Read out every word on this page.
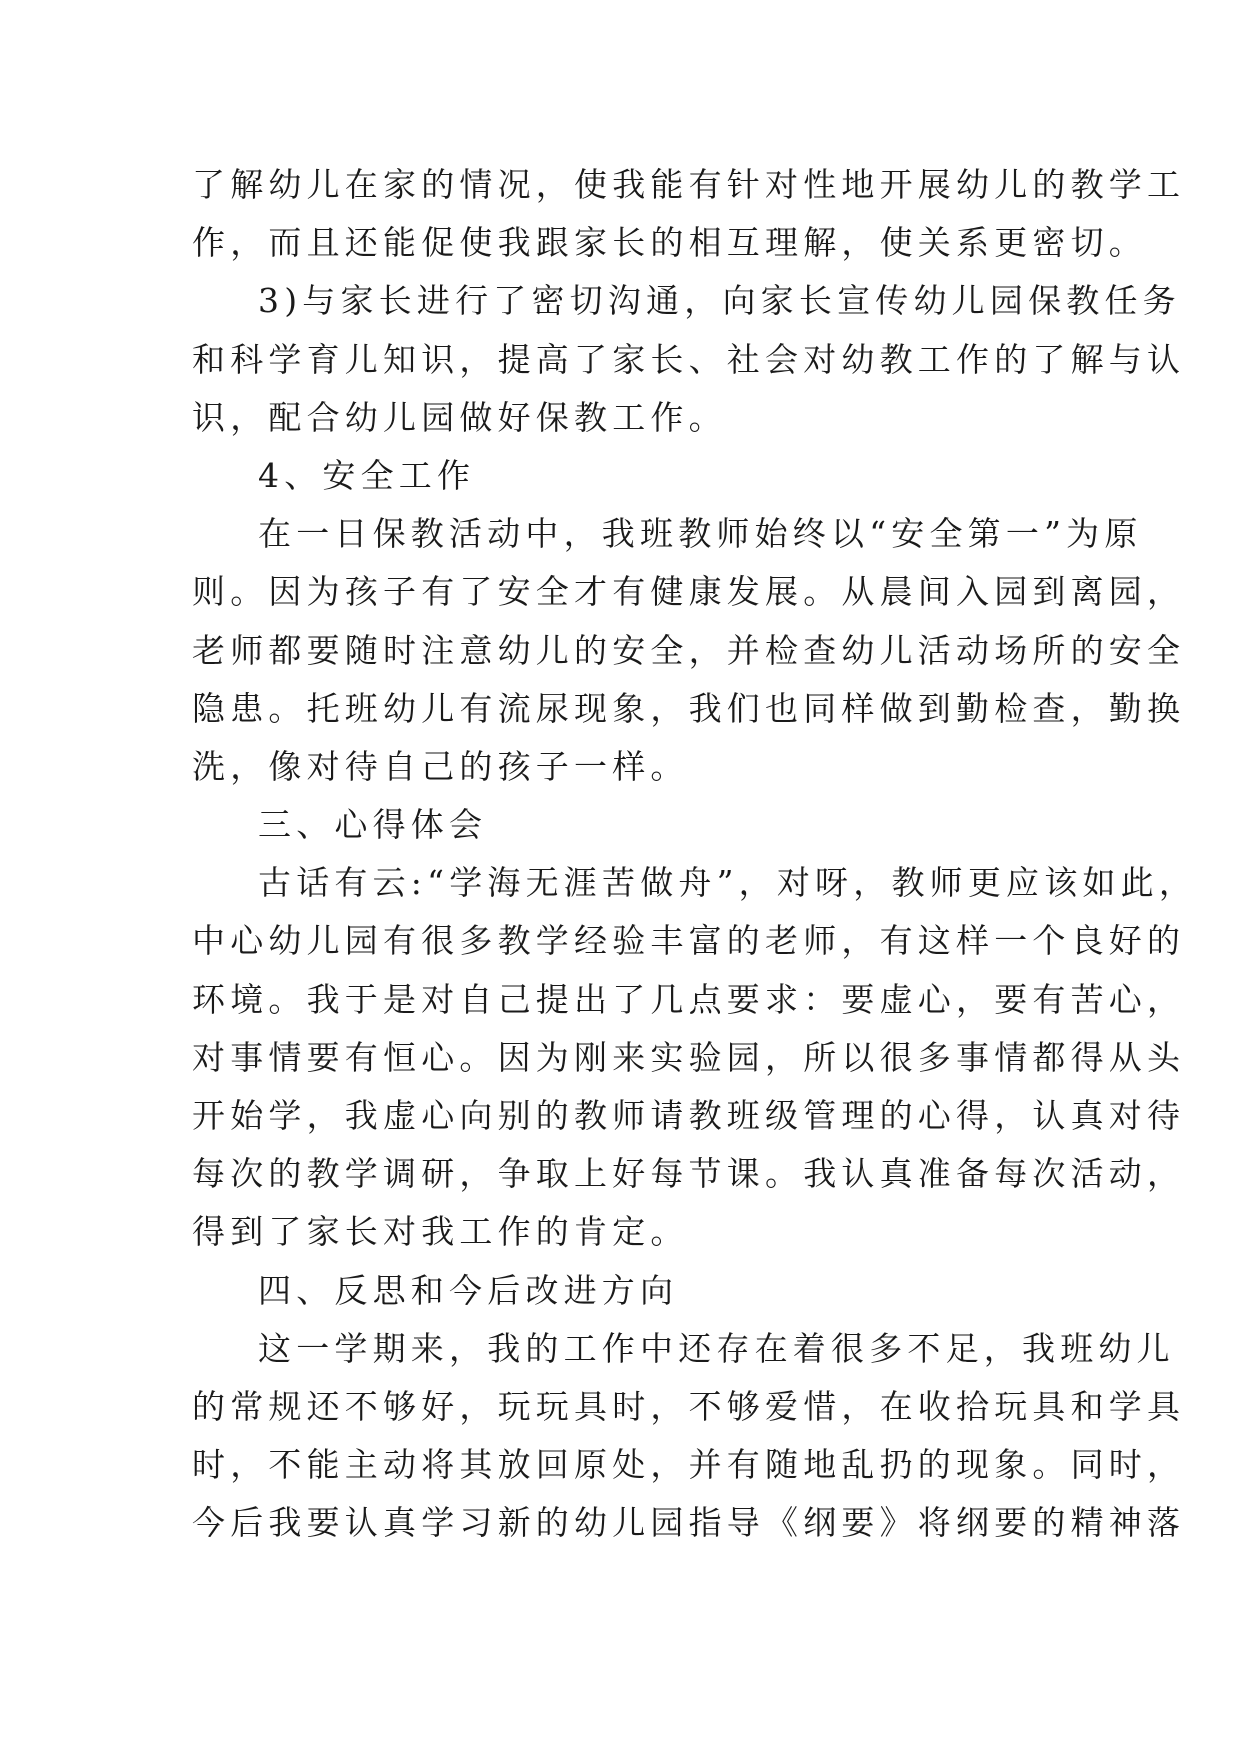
了解幼儿在家的情况，使我能有针对性地开展幼儿的教学工
作，而且还能促使我跟家长的相互理解，使关系更密切。
3)与家长进行了密切沟通，向家长宣传幼儿园保教任务
和科学育儿知识，提高了家长、社会对幼教工作的了解与认
识，配合幼儿园做好保教工作。
4、安全工作
在一日保教活动中，我班教师始终以“安全第一”为原
则。因为孩子有了安全才有健康发展。从晨间入园到离园，
老师都要随时注意幼儿的安全，并检查幼儿活动场所的安全
隐患。托班幼儿有流尿现象，我们也同样做到勤检查，勤换
洗，像对待自己的孩子一样。
三、心得体会
古话有云:“学海无涯苦做舟”，对呀，教师更应该如此，
中心幼儿园有很多教学经验丰富的老师，有这样一个良好的
环境。我于是对自己提出了几点要求：要虚心，要有苦心，
对事情要有恒心。因为刚来实验园，所以很多事情都得从头
开始学，我虚心向别的教师请教班级管理的心得，认真对待
每次的教学调研，争取上好每节课。我认真准备每次活动，
得到了家长对我工作的肯定。
四、反思和今后改进方向
这一学期来，我的工作中还存在着很多不足，我班幼儿
的常规还不够好，玩玩具时，不够爱惜，在收拾玩具和学具
时，不能主动将其放回原处，并有随地乱扔的现象。同时，
今后我要认真学习新的幼儿园指导《纲要》将纲要的精神落
